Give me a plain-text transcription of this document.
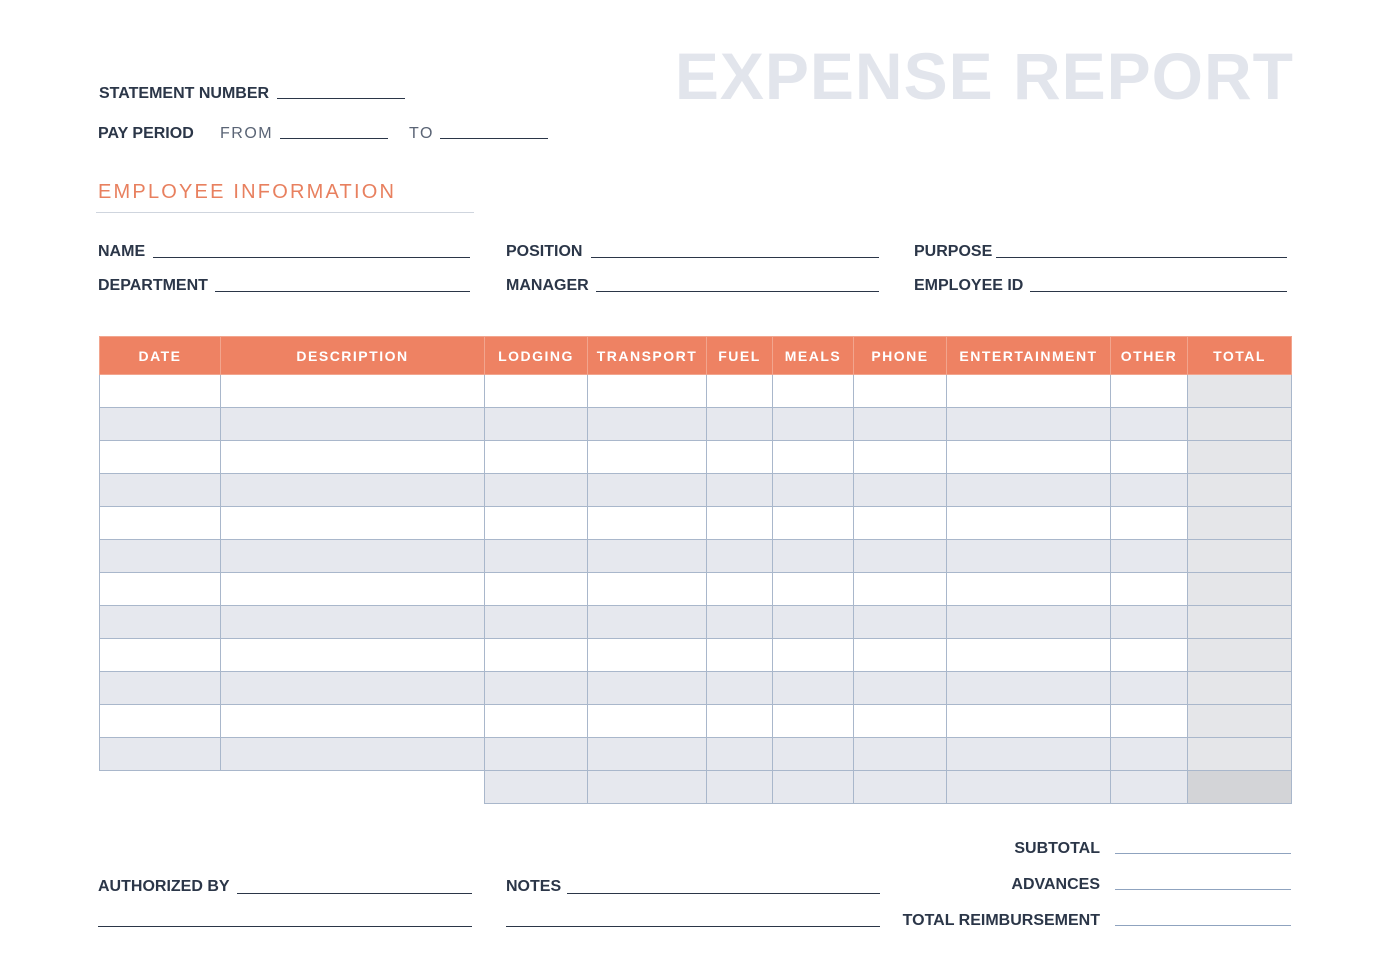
EXPENSE REPORT
STATEMENT NUMBER
PAY PERIOD FROM	TO
EMPLOYEE INFORMATION
NAME
DEPARTMENT
POSITION
MANAGER
PURPOSE
EMPLOYEE ID
DATE	DESCRIPTION	LODGING	TRANSPORT	FUEL	MEALS	PHONE	ENTERTAINMENT	OTHER	TOTAL

SUBTOTAL
ADVANCES
TOTAL REIMBURSEMENT
AUTHORIZED BY	NOTES
